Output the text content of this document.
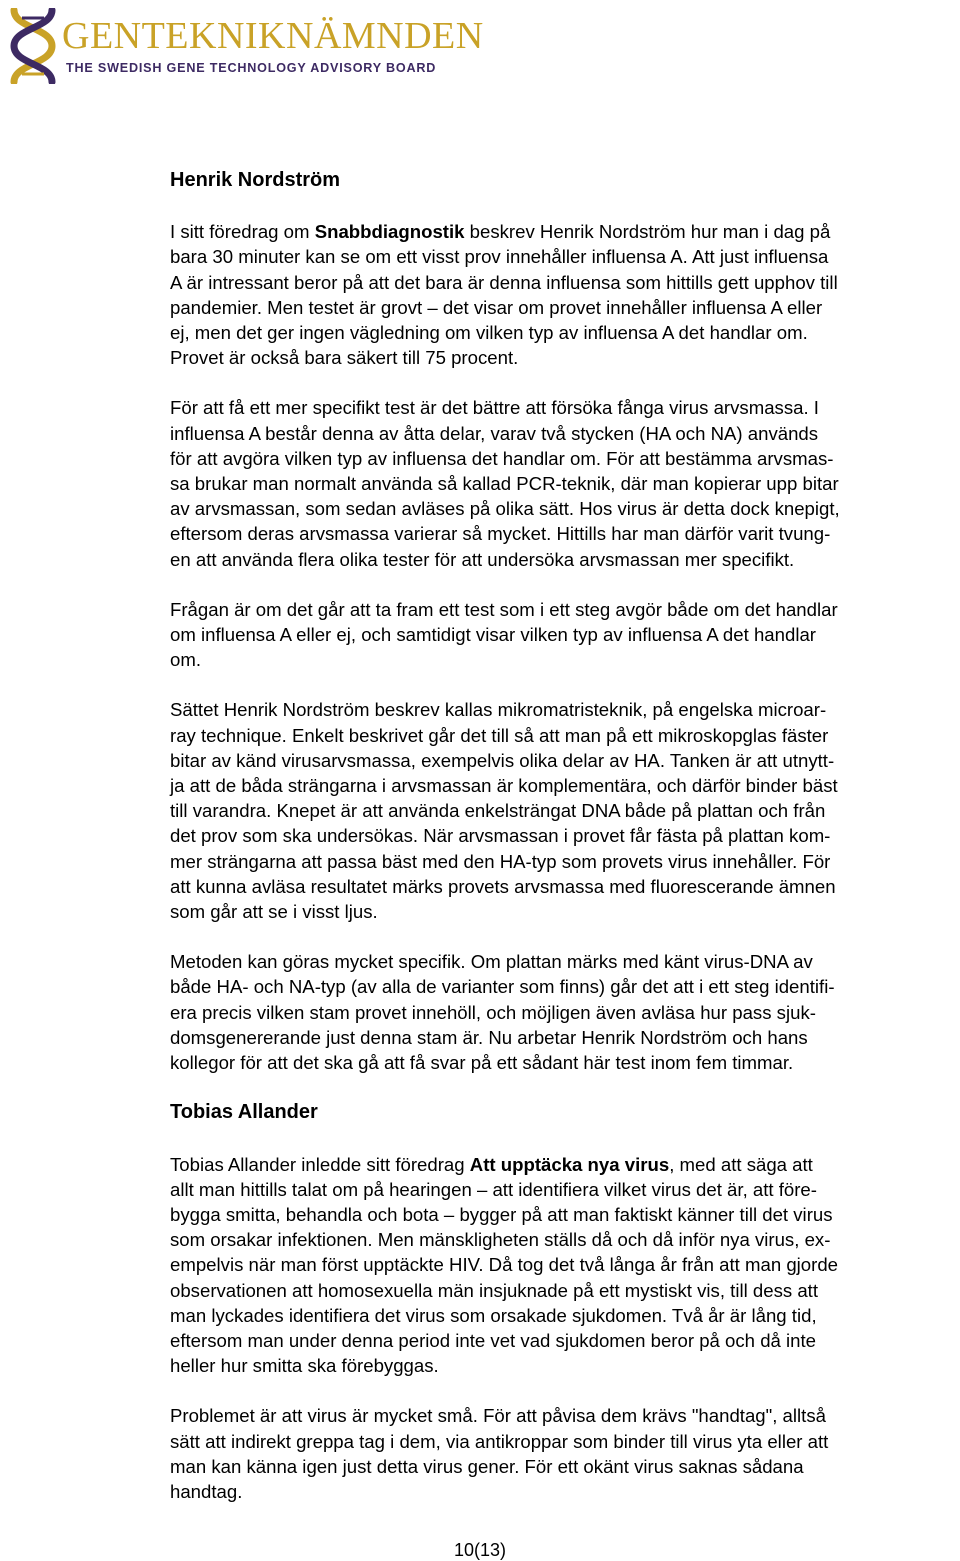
GENTEKNIKNÄMNDEN
THE SWEDISH GENE TECHNOLOGY ADVISORY BOARD
Henrik Nordström

I sitt föredrag om Snabbdiagnostik beskrev Henrik Nordström hur man i dag på
bara 30 minuter kan se om ett visst prov innehåller influensa A. Att just influensa
A är intressant beror på att det bara är denna influensa som hittills gett upphov till
pandemier. Men testet är grovt – det visar om provet innehåller influensa A eller
ej, men det ger ingen vägledning om vilken typ av influensa A det handlar om.
Provet är också bara säkert till 75 procent.

För att få ett mer specifikt test är det bättre att försöka fånga virus arvsmassa. I
influensa A består denna av åtta delar, varav två stycken (HA och NA) används
för att avgöra vilken typ av influensa det handlar om. För att bestämma arvsmas-
sa brukar man normalt använda så kallad PCR-teknik, där man kopierar upp bitar
av arvsmassan, som sedan avläses på olika sätt. Hos virus är detta dock knepigt,
eftersom deras arvsmassa varierar så mycket. Hittills har man därför varit tvung-
en att använda flera olika tester för att undersöka arvsmassan mer specifikt.

Frågan är om det går att ta fram ett test som i ett steg avgör både om det handlar
om influensa A eller ej, och samtidigt visar vilken typ av influensa A det handlar
om.

Sättet Henrik Nordström beskrev kallas mikromatristeknik, på engelska microar-
ray technique. Enkelt beskrivet går det till så att man på ett mikroskopglas fäster
bitar av känd virusarvsmassa, exempelvis olika delar av HA. Tanken är att utnytt-
ja att de båda strängarna i arvsmassan är komplementära, och därför binder bäst
till varandra. Knepet är att använda enkelsträngat DNA både på plattan och från
det prov som ska undersökas. När arvsmassan i provet får fästa på plattan kom-
mer strängarna att passa bäst med den HA-typ som provets virus innehåller. För
att kunna avläsa resultatet märks provets arvsmassa med fluorescerande ämnen
som går att se i visst ljus.

Metoden kan göras mycket specifik. Om plattan märks med känt virus-DNA av
både HA- och NA-typ (av alla de varianter som finns) går det att i ett steg identifi-
era precis vilken stam provet innehöll, och möjligen även avläsa hur pass sjuk-
domsgenererande just denna stam är. Nu arbetar Henrik Nordström och hans
kollegor för att det ska gå att få svar på ett sådant här test inom fem timmar.

Tobias Allander

Tobias Allander inledde sitt föredrag Att upptäcka nya virus, med att säga att
allt man hittills talat om på hearingen – att identifiera vilket virus det är, att före-
bygga smitta, behandla och bota – bygger på att man faktiskt känner till det virus
som orsakar infektionen. Men mänskligheten ställs då och då inför nya virus, ex-
empelvis när man först upptäckte HIV. Då tog det två långa år från att man gjorde
observationen att homosexuella män insjuknade på ett mystiskt vis, till dess att
man lyckades identifiera det virus som orsakade sjukdomen. Två år är lång tid,
eftersom man under denna period inte vet vad sjukdomen beror på och då inte
heller hur smitta ska förebyggas.

Problemet är att virus är mycket små. För att påvisa dem krävs "handtag", alltså
sätt att indirekt greppa tag i dem, via antikroppar som binder till virus yta eller att
man kan känna igen just detta virus gener. För ett okänt virus saknas sådana
handtag.

10(13)
